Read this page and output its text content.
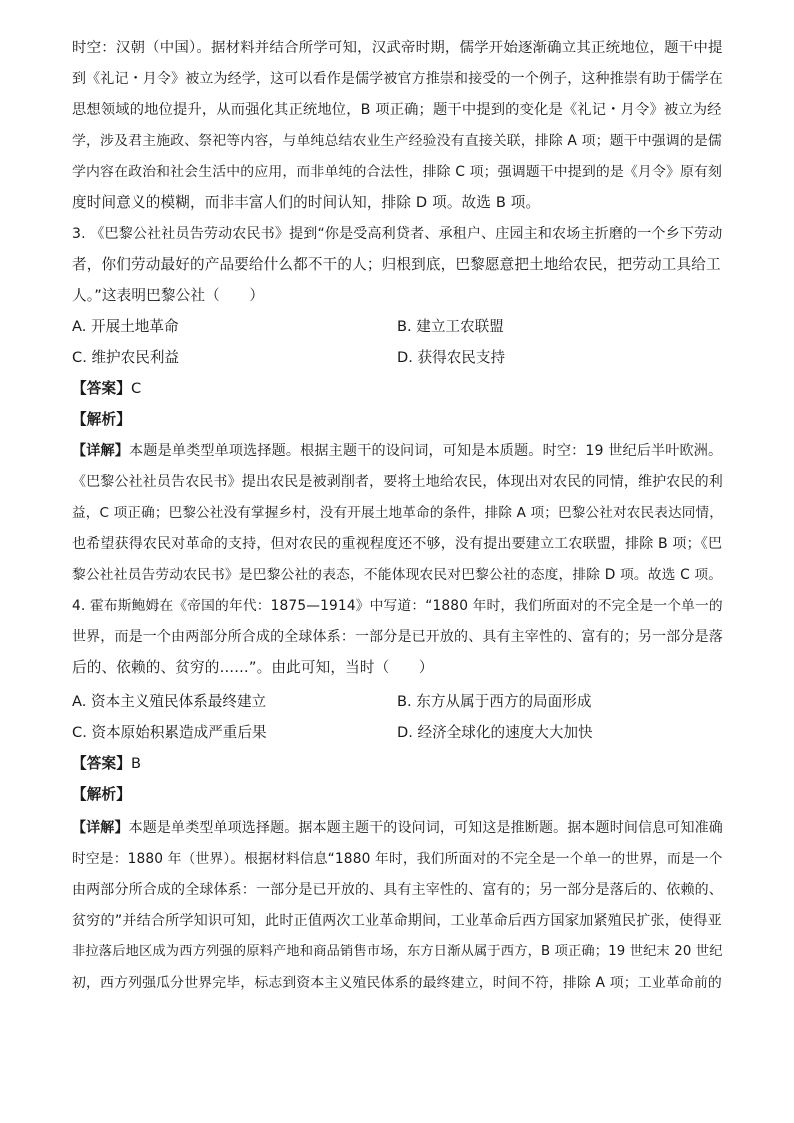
时空：汉朝（中国）。据材料并结合所学可知，汉武帝时期，儒学开始逐渐确立其正统地位，题干中提
到《礼记・月令》被立为经学，这可以看作是儒学被官方推崇和接受的一个例子，这种推崇有助于儒学在
思想领域的地位提升，从而强化其正统地位，B 项正确；题干中提到的变化是《礼记・月令》被立为经
学，涉及君主施政、祭祀等内容，与单纯总结农业生产经验没有直接关联，排除 A 项；题干中强调的是儒
学内容在政治和社会生活中的应用，而非单纯的合法性，排除 C 项；强调题干中提到的是《月令》原有刻
度时间意义的模糊，而非丰富人们的时间认知，排除 D 项。故选 B 项。
3. 《巴黎公社社员告劳动农民书》提到“你是受高利贷者、承租户、庄园主和农场主折磨的一个乡下劳动
者，你们劳动最好的产品要给什么都不干的人；归根到底，巴黎愿意把土地给农民，把劳动工具给工
人。”这表明巴黎公社（　　）
A. 开展土地革命	B. 建立工农联盟
C. 维护农民利益	D. 获得农民支持
【答案】C
【解析】
【详解】本题是单类型单项选择题。根据主题干的设问词，可知是本质题。时空：19 世纪后半叶欧洲。
《巴黎公社社员告农民书》提出农民是被剥削者，要将土地给农民，体现出对农民的同情，维护农民的利
益，C 项正确；巴黎公社没有掌握乡村，没有开展土地革命的条件，排除 A 项；巴黎公社对农民表达同情，
也希望获得农民对革命的支持，但对农民的重视程度还不够，没有提出要建立工农联盟，排除 B 项；《巴
黎公社社员告劳动农民书》是巴黎公社的表态，不能体现农民对巴黎公社的态度，排除 D 项。故选 C 项。
4. 霍布斯鲍姆在《帝国的年代：1875—1914》中写道：“1880 年时，我们所面对的不完全是一个单一的
世界，而是一个由两部分所合成的全球体系：一部分是已开放的、具有主宰性的、富有的；另一部分是落
后的、依赖的、贫穷的……”。由此可知，当时（　　）
A. 资本主义殖民体系最终建立	B. 东方从属于西方的局面形成
C. 资本原始积累造成严重后果	D. 经济全球化的速度大大加快
【答案】B
【解析】
【详解】本题是单类型单项选择题。据本题主题干的设问词，可知这是推断题。据本题时间信息可知准确
时空是：1880 年（世界）。根据材料信息“1880 年时，我们所面对的不完全是一个单一的世界，而是一个
由两部分所合成的全球体系：一部分是已开放的、具有主宰性的、富有的；另一部分是落后的、依赖的、
贫穷的”并结合所学知识可知，此时正值两次工业革命期间，工业革命后西方国家加紧殖民扩张，使得亚
非拉落后地区成为西方列强的原料产地和商品销售市场，东方日渐从属于西方，B 项正确；19 世纪末 20 世纪
初，西方列强瓜分世界完毕，标志到资本主义殖民体系的最终建立，时间不符，排除 A 项；工业革命前的
